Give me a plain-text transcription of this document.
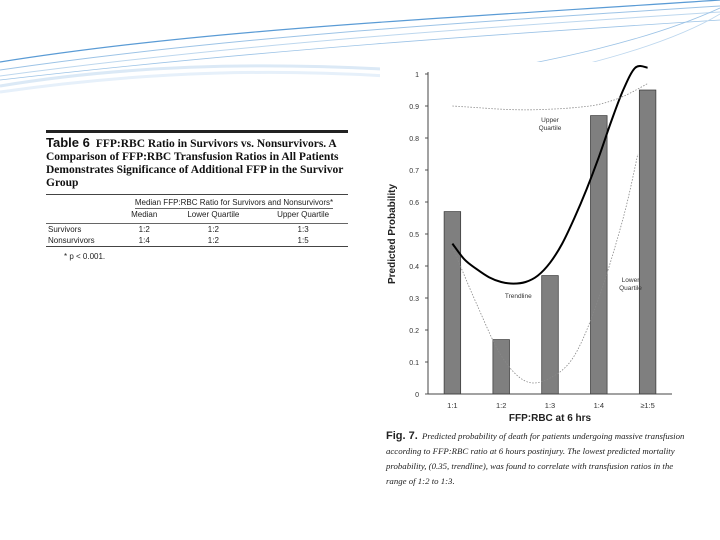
Table 6 FFP:RBC Ratio in Survivors vs. Nonsurvivors. A Comparison of FFP:RBC Transfusion Ratios in All Patients Demonstrates Significance of Additional FFP in the Survivor Group
	Median FFP:RBC Ratio for Survivors and Nonsurvivors*		
	Median	Lower Quartile	Upper Quartile
Survivors	1:2	1:2	1:3
Nonsurvivors	1:4	1:2	1:5
* p < 0.001.
0
0.1
0.2
0.3
0.4
0.5
0.6
0.7
0.8
0.9
1
1:1	1:2	1:3	1:4	≥1:5
FFP:RBC at 6 hrs
Predicted Probability
Upper Quartile
Lower Quartile
Trendline
Fig. 7. Predicted probability of death for patients undergoing massive transfusion according to FFP:RBC ratio at 6 hours postinjury. The lowest predicted mortality probability, (0.35, trendline), was found to correlate with transfusion ratios in the range of 1:2 to 1:3.
